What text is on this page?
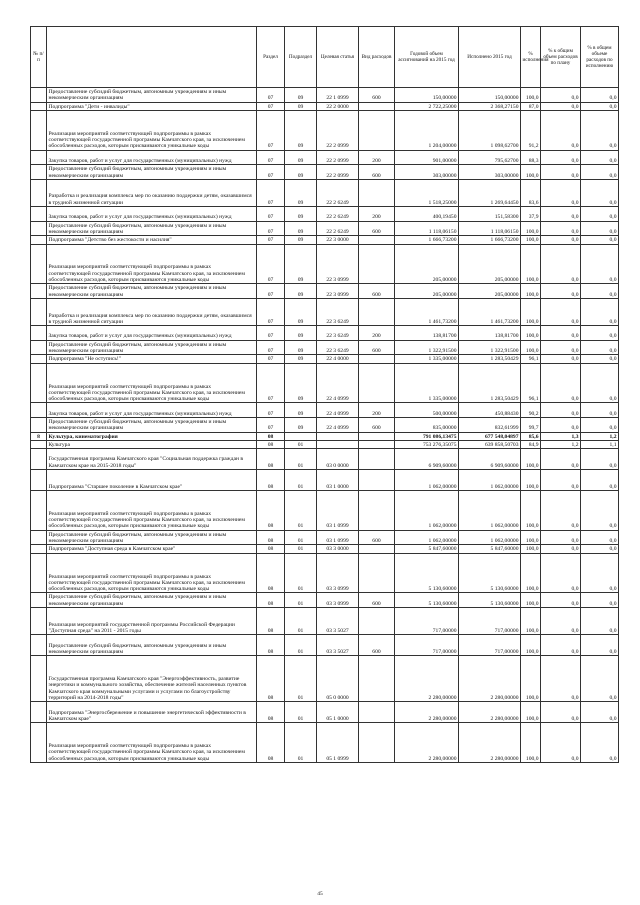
№ п/п		Раздел	Подраздел	Целевая статья	Вид расходов	Годовой объем ассигнований на 2015 год	Исполнено 2015 год	% исполнения	% к общим объем расходов по плану	% в общем объеме расходов по исполнению
	Предоставление субсидий бюджетным, автономным учреждениям и иным некоммерческим организациям	07	09	22 1 0999	600	150,00000	150,00000	100,0	0,0	0,0
	Подпрограмма "Дети - инвалиды"	07	09	22 2 0000		2 722,25000	2 368,27150	87,0	0,0	0,0
	Реализация мероприятий соответствующей подпрограммы в рамках соответствующей государственной программы Камчатского края, за исключением обособленных расходов, которым присваиваются уникальные коды	07	09	22 2 0999		1 204,00000	1 098,62700	91,2	0,0	0,0
	Закупка товаров, работ и услуг для государственных (муниципальных) нужд	07	09	22 2 0999	200	901,00000	795,62700	88,3	0,0	0,0
	Предоставление субсидий бюджетным, автономным учреждениям и иным некоммерческим организациям	07	09	22 2 0999	600	303,00000	303,00000	100,0	0,0	0,0
	Разработка и реализация комплекса мер по оказанию поддержки детям, оказавшимся в трудной жизненной ситуации	07	09	22 2 6249		1 518,25000	1 269,64450	83,6	0,0	0,0
	Закупка товаров, работ и услуг для государственных (муниципальных) нужд	07	09	22 2 6249	200	400,19450	151,58300	37,9	0,0	0,0
	Предоставление субсидий бюджетным, автономным учреждениям и иным некоммерческим организациям	07	09	22 2 6249	600	1 118,06150	1 118,06150	100,0	0,0	0,0
	Подпрограмма "Детство без жестокости и насилия"	07	09	22 3 0000		1 666,73200	1 666,73200	100,0	0,0	0,0
	Реализация мероприятий соответствующей подпрограммы в рамках соответствующей государственной программы Камчатского края, за исключением обособленных расходов, которым присваиваются уникальные коды	07	09	22 3 0999		205,00000	205,00000	100,0	0,0	0,0
	Предоставление субсидий бюджетным, автономным учреждениям и иным некоммерческим организациям	07	09	22 3 0999	600	205,00000	205,00000	100,0	0,0	0,0
	Разработка и реализация комплекса мер по оказанию поддержки детям, оказавшимся в трудной жизненной ситуации	07	09	22 3 6249		1 461,73200	1 461,73200	100,0	0,0	0,0
	Закупка товаров, работ и услуг для государственных (муниципальных) нужд	07	09	22 3 6249	200	138,81700	138,81700	100,0	0,0	0,0
	Предоставление субсидий бюджетным, автономным учреждениям и иным некоммерческим организациям	07	09	22 3 6249	600	1 322,91500	1 322,91500	100,0	0,0	0,0
	Подпрограмма "Не оступись!"	07	09	22 4 0000		1 335,00000	1 283,50429	96,1	0,0	0,0
	Реализация мероприятий соответствующей подпрограммы в рамках соответствующей государственной программы Камчатского края, за исключением обособленных расходов, которым присваиваются уникальные коды	07	09	22 4 0999		1 335,00000	1 283,50429	96,1	0,0	0,0
	Закупка товаров, работ и услуг для государственных (муниципальных) нужд	07	09	22 4 0999	200	500,00000	450,88430	90,2	0,0	0,0
	Предоставление субсидий бюджетным, автономным учреждениям и иным некоммерческим организациям	07	09	22 4 0999	600	835,00000	832,61999	99,7	0,0	0,0
8	Культура, кинематография	08				791 086,13475	677 548,04897	85,6	1,3	1,2
	Культура	08	01			753 276,35075	639 858,50703	84,9	1,2	1,1
	Государственная программа Камчатского края "Социальная поддержка граждан в Камчатском крае на 2015-2018 годы"	08	01	03 0 0000		6 909,60000	6 909,60000	100,0	0,0	0,0
	Подпрограмма "Старшее поколение в Камчатском крае"	08	01	03 1 0000		1 062,00000	1 062,00000	100,0	0,0	0,0
	Реализация мероприятий соответствующей подпрограммы в рамках соответствующей государственной программы Камчатского края, за исключением обособленных расходов, которым присваиваются уникальные коды	08	01	03 1 0999		1 062,00000	1 062,00000	100,0	0,0	0,0
	Предоставление субсидий бюджетным, автономным учреждениям и иным некоммерческим организациям	08	01	03 1 0999	600	1 062,00000	1 062,00000	100,0	0,0	0,0
	Подпрограмма "Доступная среда в Камчатском крае"	08	01	03 3 0000		5 847,60000	5 847,60000	100,0	0,0	0,0
	Реализация мероприятий соответствующей подпрограммы в рамках соответствующей государственной программы Камчатского края, за исключением обособленных расходов, которым присваиваются уникальные коды	08	01	03 3 0999		5 130,60000	5 130,60000	100,0	0,0	0,0
	Предоставление субсидий бюджетным, автономным учреждениям и иным некоммерческим организациям	08	01	03 3 0999	600	5 130,60000	5 130,60000	100,0	0,0	0,0
	Реализация мероприятий государственной программы Российской Федерации "Доступная среда" на 2011 - 2015 годы	08	01	03 3 5027		717,00000	717,00000	100,0	0,0	0,0
	Предоставление субсидий бюджетным, автономным учреждениям и иным некоммерческим организациям	08	01	03 3 5027	600	717,00000	717,00000	100,0	0,0	0,0
	Государственная программа Камчатского края "Энергоэффективность, развитие энергетики и коммунального хозяйства, обеспечение жителей населенных пунктов Камчатского края коммунальными услугами и услугами по благоустройству территорий на 2014-2018 годы"	08	01	05 0 0000		2 280,00000	2 280,00000	100,0	0,0	0,0
	Подпрограмма "Энергосбережение и повышение энергетической эффективности в Камчатском крае"	08	01	05 1 0000		2 280,00000	2 280,00000	100,0	0,0	0,0
	Реализация мероприятий соответствующей подпрограммы в рамках соответствующей государственной программы Камчатского края, за исключением обособленных расходов, которым присваиваются уникальные коды	08	01	05 1 0999		2 280,00000	2 280,00000	100,0	0,0	0,0
45
